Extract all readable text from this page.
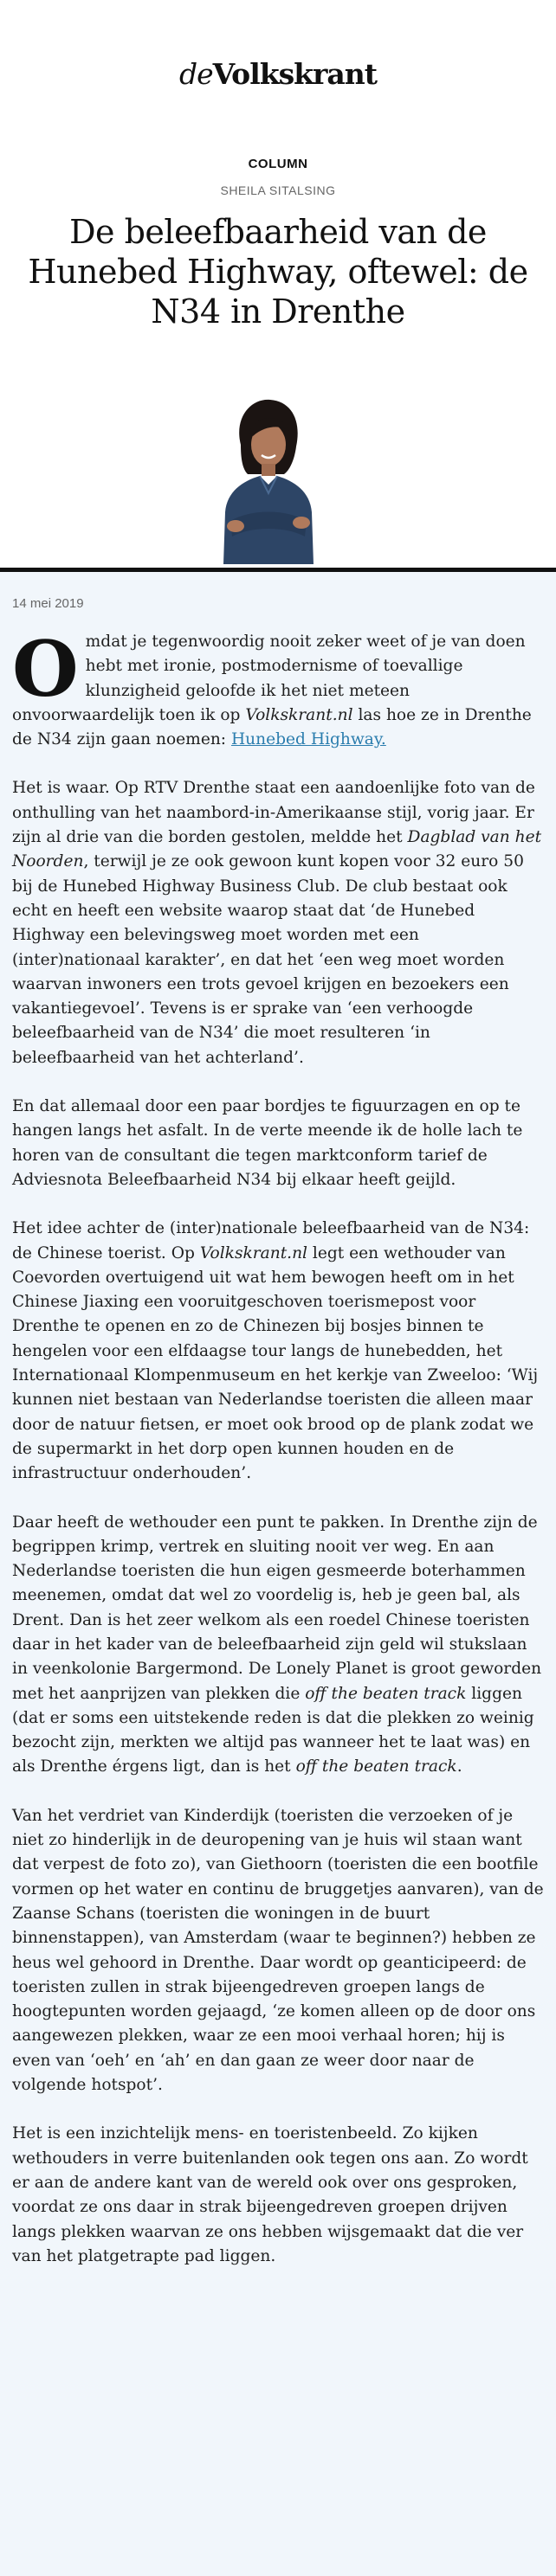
deVolkskrant

COLUMN

SHEILA SITALSING

De beleefbaarheid van de Hunebed Highway, oftewel: de N34 in Drenthe
14 mei 2019

Omdat je tegenwoordig nooit zeker weet of je van doen hebt met ironie, postmodernisme of toevallige klunzigheid geloofde ik het niet meteen onvoorwaardelijk toen ik op Volkskrant.nl las hoe ze in Drenthe de N34 zijn gaan noemen: Hunebed Highway.

Het is waar. Op RTV Drenthe staat een aandoenlijke foto van de onthulling van het naambord-in-Amerikaanse stijl, vorig jaar. Er zijn al drie van die borden gestolen, meldde het Dagblad van het Noorden, terwijl je ze ook gewoon kunt kopen voor 32 euro 50 bij de Hunebed Highway Business Club. De club bestaat ook echt en heeft een website waarop staat dat ‘de Hunebed Highway een belevingsweg moet worden met een (inter)nationaal karakter’, en dat het ‘een weg moet worden waarvan inwoners een trots gevoel krijgen en bezoekers een vakantiegevoel’. Tevens is er sprake van ‘een verhoogde beleefbaarheid van de N34’ die moet resulteren ‘in beleefbaarheid van het achterland’.

En dat allemaal door een paar bordjes te figuurzagen en op te hangen langs het asfalt. In de verte meende ik de holle lach te horen van de consultant die tegen marktconform tarief de Adviesnota Beleefbaarheid N34 bij elkaar heeft geijld.

Het idee achter de (inter)nationale beleefbaarheid van de N34: de Chinese toerist. Op Volkskrant.nl legt een wethouder van Coevorden overtuigend uit wat hem bewogen heeft om in het Chinese Jiaxing een vooruitgeschoven toerismepost voor Drenthe te openen en zo de Chinezen bij bosjes binnen te hengelen voor een elfdaagse tour langs de hunebedden, het Internationaal Klompenmuseum en het kerkje van Zweeloo: ‘Wij kunnen niet bestaan van Nederlandse toeristen die alleen maar door de natuur fietsen, er moet ook brood op de plank zodat we de supermarkt in het dorp open kunnen houden en de infrastructuur onderhouden’.

Daar heeft de wethouder een punt te pakken. In Drenthe zijn de begrippen krimp, vertrek en sluiting nooit ver weg. En aan Nederlandse toeristen die hun eigen gesmeerde boterhammen meenemen, omdat dat wel zo voordelig is, heb je geen bal, als Drent. Dan is het zeer welkom als een roedel Chinese toeristen daar in het kader van de beleefbaarheid zijn geld wil stukslaan in veenkolonie Bargermond. De Lonely Planet is groot geworden met het aanprijzen van plekken die off the beaten track liggen (dat er soms een uitstekende reden is dat die plekken zo weinig bezocht zijn, merkten we altijd pas wanneer het te laat was) en als Drenthe érgens ligt, dan is het off the beaten track.

Van het verdriet van Kinderdijk (toeristen die verzoeken of je niet zo hinderlijk in de deuropening van je huis wil staan want dat verpest de foto zo), van Giethoorn (toeristen die een bootfile vormen op het water en continu de bruggetjes aanvaren), van de Zaanse Schans (toeristen die woningen in de buurt binnenstappen), van Amsterdam (waar te beginnen?) hebben ze heus wel gehoord in Drenthe. Daar wordt op geanticipeerd: de toeristen zullen in strak bijeengedreven groepen langs de hoogtepunten worden gejaagd, ‘ze komen alleen op de door ons aangewezen plekken, waar ze een mooi verhaal horen; hij is even van ‘oeh’ en ‘ah’ en dan gaan ze weer door naar de volgende hotspot’.

Het is een inzichtelijk mens- en toeristenbeeld. Zo kijken wethouders in verre buitenlanden ook tegen ons aan. Zo wordt er aan de andere kant van de wereld ook over ons gesproken, voordat ze ons daar in strak bijeengedreven groepen drijven langs plekken waarvan ze ons hebben wijsgemaakt dat die ver van het platgetrapte pad liggen.
